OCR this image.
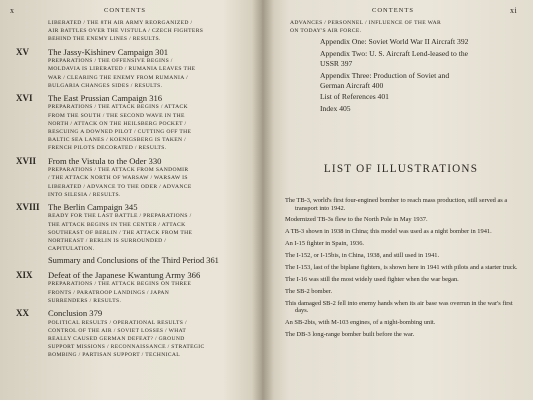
x	CONTENTS
LIBERATED / THE 8TH AIR ARMY REORGANIZED /
AIR BATTLES OVER THE VISTULA / CZECH FIGHTERS
BEHIND THE ENEMY LINES / RESULTS.
XV	The Jassy-Kishinev Campaign 301
PREPARATIONS / THE OFFENSIVE BEGINS /
MOLDAVIA IS LIBERATED / RUMANIA LEAVES THE
WAR / CLEARING THE ENEMY FROM RUMANIA /
BULGARIA CHANGES SIDES / RESULTS.
XVI	The East Prussian Campaign 316
PREPARATIONS / THE ATTACK BEGINS / ATTACK
FROM THE SOUTH / THE SECOND WAVE IN THE
NORTH / ATTACK ON THE HEILSBERG POCKET /
RESCUING A DOWNED PILOT / CUTTING OFF THE
BALTIC SEA LANES / KOENIGSBERG IS TAKEN /
FRENCH PILOTS DECORATED / RESULTS.
XVII	From the Vistula to the Oder 330
PREPARATIONS / THE ATTACK FROM SANDOMIR
/ THE ATTACK NORTH OF WARSAW / WARSAW IS
LIBERATED / ADVANCE TO THE ODER / ADVANCE
INTO SILESIA / RESULTS.
XVIII The Berlin Campaign 345
READY FOR THE LAST BATTLE / PREPARATIONS /
THE ATTACK BEGINS IN THE CENTER / ATTACK
SOUTHEAST OF BERLIN / THE ATTACK FROM THE
NORTHEAST / BERLIN IS SURROUNDED /
CAPITULATION.
Summary and Conclusions of the Third Period 361
XIX	Defeat of the Japanese Kwantung Army 366
PREPARATIONS / THE ATTACK BEGINS ON THREE
FRONTS / PARATROOP LANDINGS / JAPAN
SURRENDERS / RESULTS.
XX	Conclusion 379
POLITICAL RESULTS / OPERATIONAL RESULTS /
CONTROL OF THE AIR / SOVIET LOSSES / WHAT
REALLY CAUSED GERMAN DEFEAT? / GROUND
SUPPORT MISSIONS / RECONNAISSANCE / STRATEGIC
BOMBING / PARTISAN SUPPORT / TECHNICAL
CONTENTS	xi
ADVANCES / PERSONNEL / INFLUENCE OF THE WAR
ON TODAY'S AIR FORCE.
Appendix One: Soviet World War II Aircraft 392
Appendix Two: U. S. Aircraft Lend-leased to the
USSR 397
Appendix Three: Production of Soviet and
German Aircraft 400
List of References 401
Index 405
LIST OF ILLUSTRATIONS
The TB-3, world's first four-engined bomber to reach mass production, still served as a transport into 1942.
Modernized TB-3s flew to the North Pole in May 1937.
A TB-3 shown in 1938 in China; this model was used as a night bomber in 1941.
An I-15 fighter in Spain, 1936.
The I-152, or I-15bis, in China, 1938, and still used in 1941.
The I-153, last of the biplane fighters, is shown here in 1941 with pilots and a starter truck.
The I-16 was still the most widely used fighter when the war began.
The SB-2 bomber.
This damaged SB-2 fell into enemy hands when its air base was overrun in the war's first days.
An SB-2bis, with M-103 engines, of a night-bombing unit.
The DB-3 long-range bomber built before the war.
